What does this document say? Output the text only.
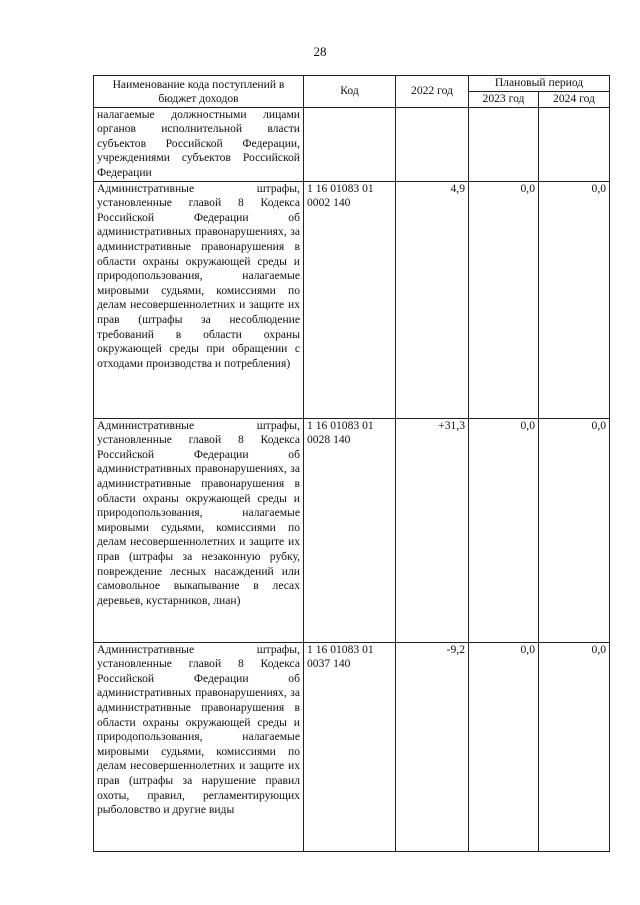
28
Наименование кода поступлений в бюджет доходов	Код	2022 год	Плановый период	
			2023 год	2024 год
налагаемые должностными лицами органов исполнительной власти субъектов Российской Федерации, учреждениями субъектов Российской Федерации				
Административные штрафы, установленные главой 8 Кодекса Российской Федерации об административных правонарушениях, за административные правонарушения в области охраны окружающей среды и природопользования, налагаемые мировыми судьями, комиссиями по делам несовершеннолетних и защите их прав (штрафы за несоблюдение требований в области охраны окружающей среды при обращении с отходами производства и потребления)	1 16 01083 01 0002 140	4,9	0,0	0,0
Административные штрафы, установленные главой 8 Кодекса Российской Федерации об административных правонарушениях, за административные правонарушения в области охраны окружающей среды и природопользования, налагаемые мировыми судьями, комиссиями по делам несовершеннолетних и защите их прав (штрафы за незаконную рубку, повреждение лесных насаждений или самовольное выкапывание в лесах деревьев, кустарников, лиан)	1 16 01083 01 0028 140	+31,3	0,0	0,0
Административные штрафы, установленные главой 8 Кодекса Российской Федерации об административных правонарушениях, за административные правонарушения в области охраны окружающей среды и природопользования, налагаемые мировыми судьями, комиссиями по делам несовершеннолетних и защите их прав (штрафы за нарушение правил охоты, правил, регламентирующих рыболовство и другие виды	1 16 01083 01 0037 140	-9,2	0,0	0,0
